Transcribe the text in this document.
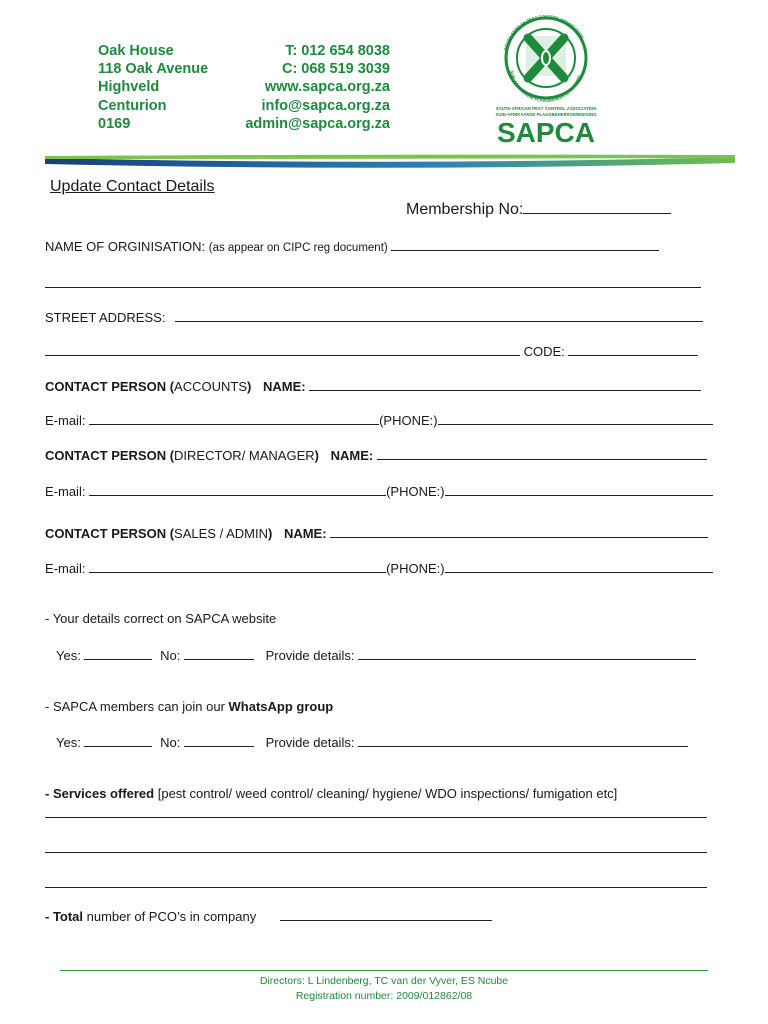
Oak House
118 Oak Avenue
Highveld
Centurion
0169
T: 012 654 8038
C: 068 519 3039
www.sapca.org.za
info@sapca.org.za
admin@sapca.org.za
SOUTH AFRICAN PEST CONTROL ASSOCIATION
SUID-AFRIKAANSE PLAAGBEHEERVERENIGING
SOUTH AFRICAN PEST CONTROL ASSOCIATION
SUID-AFRIKAANSE PLAAGBEHEERVERENIGING
SAPCA
Update Contact Details
Membership No:
NAME OF ORGINISATION: (as appear on CIPC reg document)
STREET ADDRESS:
CODE:
CONTACT PERSON (ACCOUNTS) NAME:
E-mail:	(PHONE:)
CONTACT PERSON (DIRECTOR/ MANAGER) NAME:
E-mail:	(PHONE:)
CONTACT PERSON (SALES / ADMIN) NAME:
E-mail:	(PHONE:)
- Your details correct on SAPCA website
Yes:	No:	Provide details:
- SAPCA members can join our WhatsApp group
Yes:	No:	Provide details:
- Services offered [pest control/ weed control/ cleaning/ hygiene/ WDO inspections/ fumigation etc]
- Total number of PCO’s in company
Directors: L Lindenberg, TC van der Vyver, ES Ncube
Registration number: 2009/012862/08
